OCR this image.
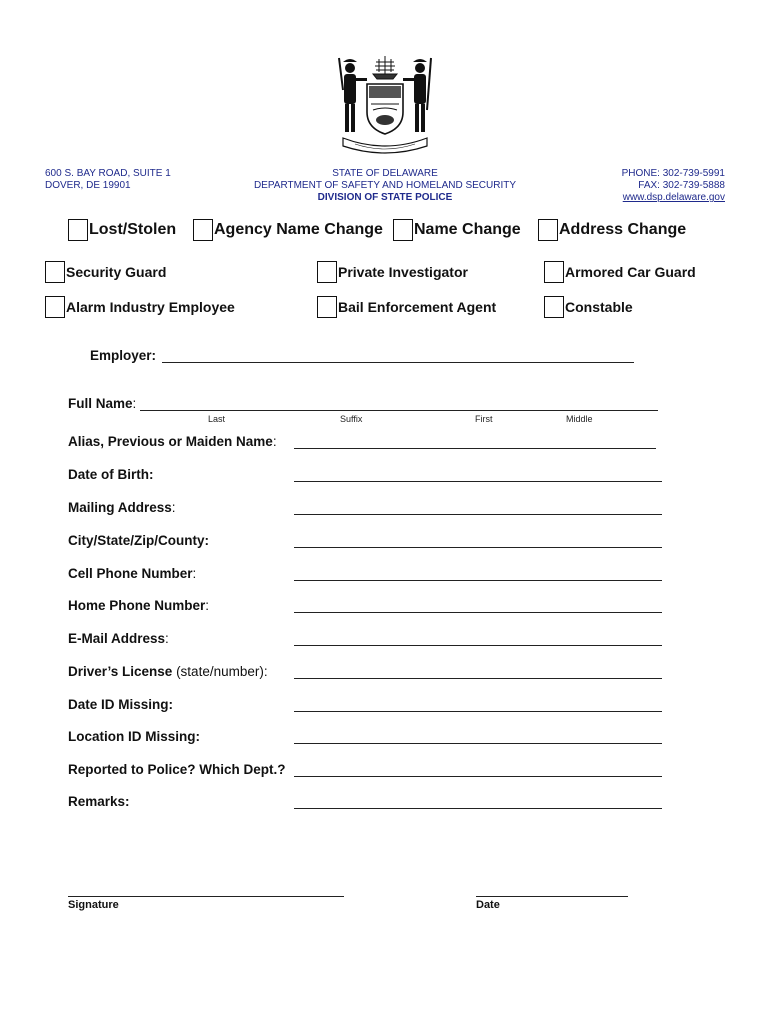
600 S. BAY ROAD, SUITE 1
DOVER, DE 19901
STATE OF DELAWARE
DEPARTMENT OF SAFETY AND HOMELAND SECURITY
DIVISION OF STATE POLICE
PHONE: 302-739-5991
FAX: 302-739-5888
www.dsp.delaware.gov
Lost/Stolen Agency Name Change Name Change Address Change
Security Guard	Private Investigator	Armored Car Guard
Alarm Industry Employee	Bail Enforcement Agent	Constable
Employer:
Full Name:
Last	Suffix	First	Middle
Alias, Previous or Maiden Name:
Date of Birth:
Mailing Address:
City/State/Zip/County:
Cell Phone Number:
Home Phone Number:
E-Mail Address:
Driver’s License (state/number):
Date ID Missing:
Location ID Missing:
Reported to Police? Which Dept.?
Remarks:
Signature	Date
